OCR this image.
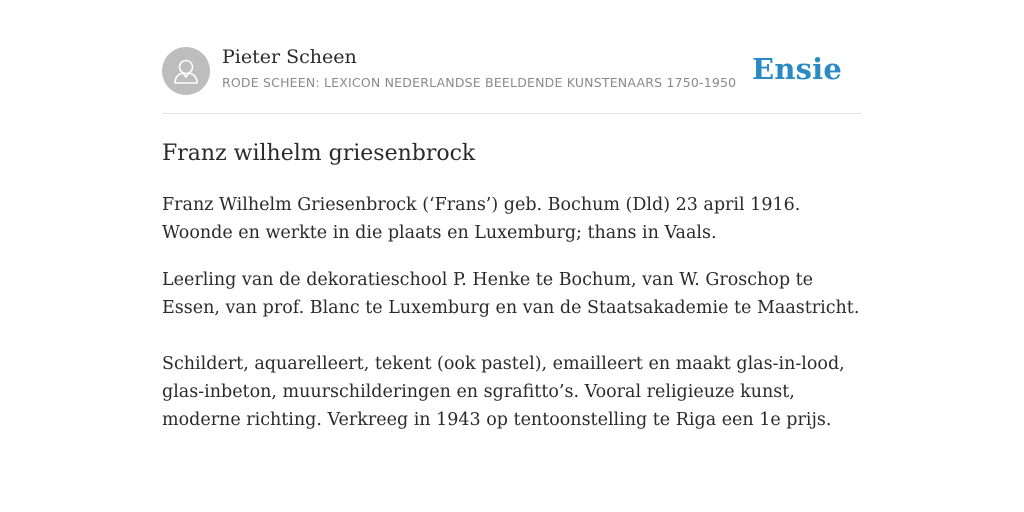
Pieter Scheen
RODE SCHEEN: LEXICON NEDERLANDSE BEELDENDE KUNSTENAARS 1750-1950 Ensie
Franz wilhelm griesenbrock

Franz Wilhelm Griesenbrock (‘Frans’) geb. Bochum (Dld) 23 april 1916. Woonde en werkte in die plaats en Luxemburg; thans in Vaals.

Leerling van de dekoratieschool P. Henke te Bochum, van W. Groschop te Essen, van prof. Blanc te Luxemburg en van de Staatsakademie te Maastricht.

Schildert, aquarelleert, tekent (ook pastel), emailleert en maakt glas-in-lood, glas-inbeton, muurschilderingen en sgrafitto’s. Vooral religieuze kunst, moderne richting. Verkreeg in 1943 op tentoonstelling te Riga een 1e prijs.
